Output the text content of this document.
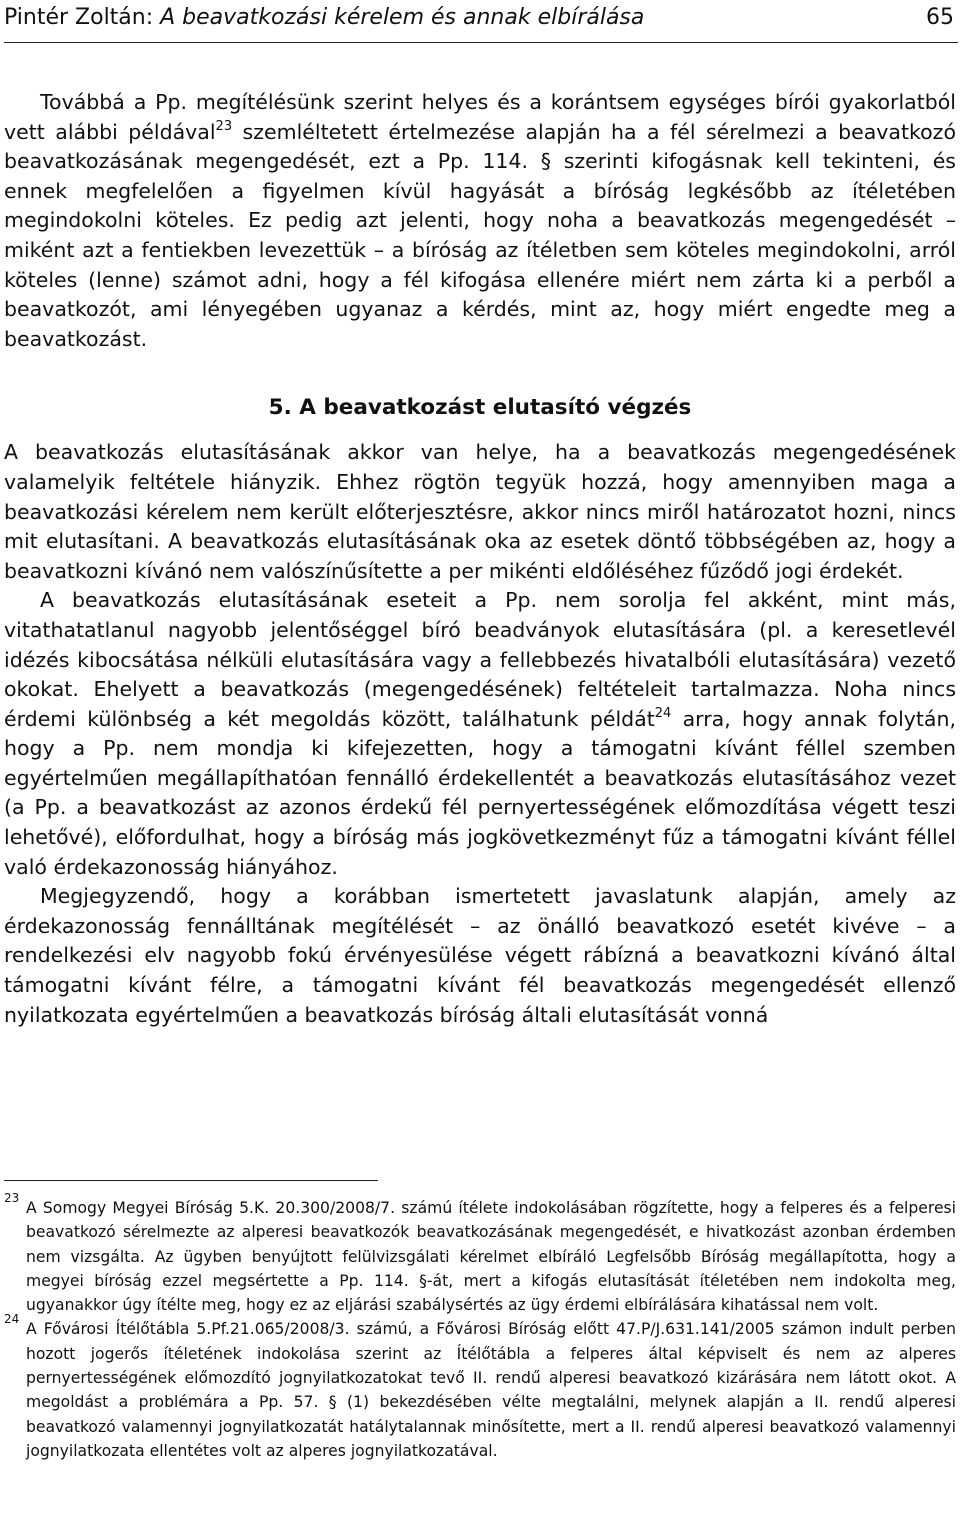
Pintér Zoltán: A beavatkozási kérelem és annak elbírálása	65

Továbbá a Pp. megítélésünk szerint helyes és a korántsem egységes bírói gyakorlatból vett alábbi példával$^{23}$ szemléltetett értelmezése alapján ha a fél sérelmezi a beavatkozó beavatkozásának megengedését, ezt a Pp. 114. § szerinti kifogásnak kell tekinteni, és ennek megfelelően a figyelmen kívül hagyását a bíróság legkésőbb az ítéletében megindokolni köteles. Ez pedig azt jelenti, hogy noha a beavatkozás megengedését – miként azt a fentiekben levezettük – a bíróság az ítéletben sem köteles megindokolni, arról köteles (lenne) számot adni, hogy a fél kifogása ellenére miért nem zárta ki a perből a beavatkozót, ami lényegében ugyanaz a kérdés, mint az, hogy miért engedte meg a beavatkozást.

5. A beavatkozást elutasító végzés

A beavatkozás elutasításának akkor van helye, ha a beavatkozás megengedésének valamelyik feltétele hiányzik. Ehhez rögtön tegyük hozzá, hogy amennyiben maga a beavatkozási kérelem nem került előterjesztésre, akkor nincs miről határozatot hozni, nincs mit elutasítani. A beavatkozás elutasításának oka az esetek döntő többségében az, hogy a beavatkozni kívánó nem valószínűsítette a per mikénti eldőléséhez fűződő jogi érdekét.

A beavatkozás elutasításának eseteit a Pp. nem sorolja fel akként, mint más, vitathatatlanul nagyobb jelentőséggel bíró beadványok elutasítására (pl. a keresetlevél idézés kibocsátása nélküli elutasítására vagy a fellebbezés hivatalbóli elutasítására) vezető okokat. Ehelyett a beavatkozás (megengedésének) feltételeit tartalmazza. Noha nincs érdemi különbség a két megoldás között, találhatunk példát$^{24}$ arra, hogy annak folytán, hogy a Pp. nem mondja ki kifejezetten, hogy a támogatni kívánt féllel szemben egyértelműen megállapíthatóan fennálló érdekellentét a beavatkozás elutasításához vezet (a Pp. a beavatkozást az azonos érdekű fél pernyertességének előmozdítása végett teszi lehetővé), előfordulhat, hogy a bíróság más jogkövetkezményt fűz a támogatni kívánt féllel való érdekazonosság hiányához.

Megjegyzendő, hogy a korábban ismertetett javaslatunk alapján, amely az érdekazonosság fennálltának megítélését – az önálló beavatkozó esetét kivéve – a rendelkezési elv nagyobb fokú érvényesülése végett rábízná a beavatkozni kívánó által támogatni kívánt félre, a támogatni kívánt fél beavatkozás megengedését ellenző nyilatkozata egyértelműen a beavatkozás bíróság általi elutasítását vonná

23
A Somogy Megyei Bíróság 5.K. 20.300/2008/7. számú ítélete indokolásában rögzítette, hogy a felperes és a felperesi beavatkozó sérelmezte az alperesi beavatkozók beavatkozásának megengedését, e hivatkozást azonban érdemben nem vizsgálta. Az ügyben benyújtott felülvizsgálati kérelmet elbíráló Legfelsőbb Bíróság megállapította, hogy a megyei bíróság ezzel megsértette a Pp. 114. §-át, mert a kifogás elutasítását ítéletében nem indokolta meg, ugyanakkor úgy ítélte meg, hogy ez az eljárási szabálysértés az ügy érdemi elbírálására kihatással nem volt.

24
A Fővárosi Ítélőtábla 5.Pf.21.065/2008/3. számú, a Fővárosi Bíróság előtt 47.P/J.631.141/2005 számon indult perben hozott jogerős ítéletének indokolása szerint az Ítélőtábla a felperes által képviselt és nem az alperes pernyertességének előmozdító jognyilatkozatokat tevő II. rendű alperesi beavatkozó kizárására nem látott okot. A megoldást a problémára a Pp. 57. § (1) bekezdésében vélte megtalálni, melynek alapján a II. rendű alperesi beavatkozó valamennyi jognyilatkozatát hatálytalannak minősítette, mert a II. rendű alperesi beavatkozó valamennyi jognyilatkozata ellentétes volt az alperes jognyilatkozatával.
